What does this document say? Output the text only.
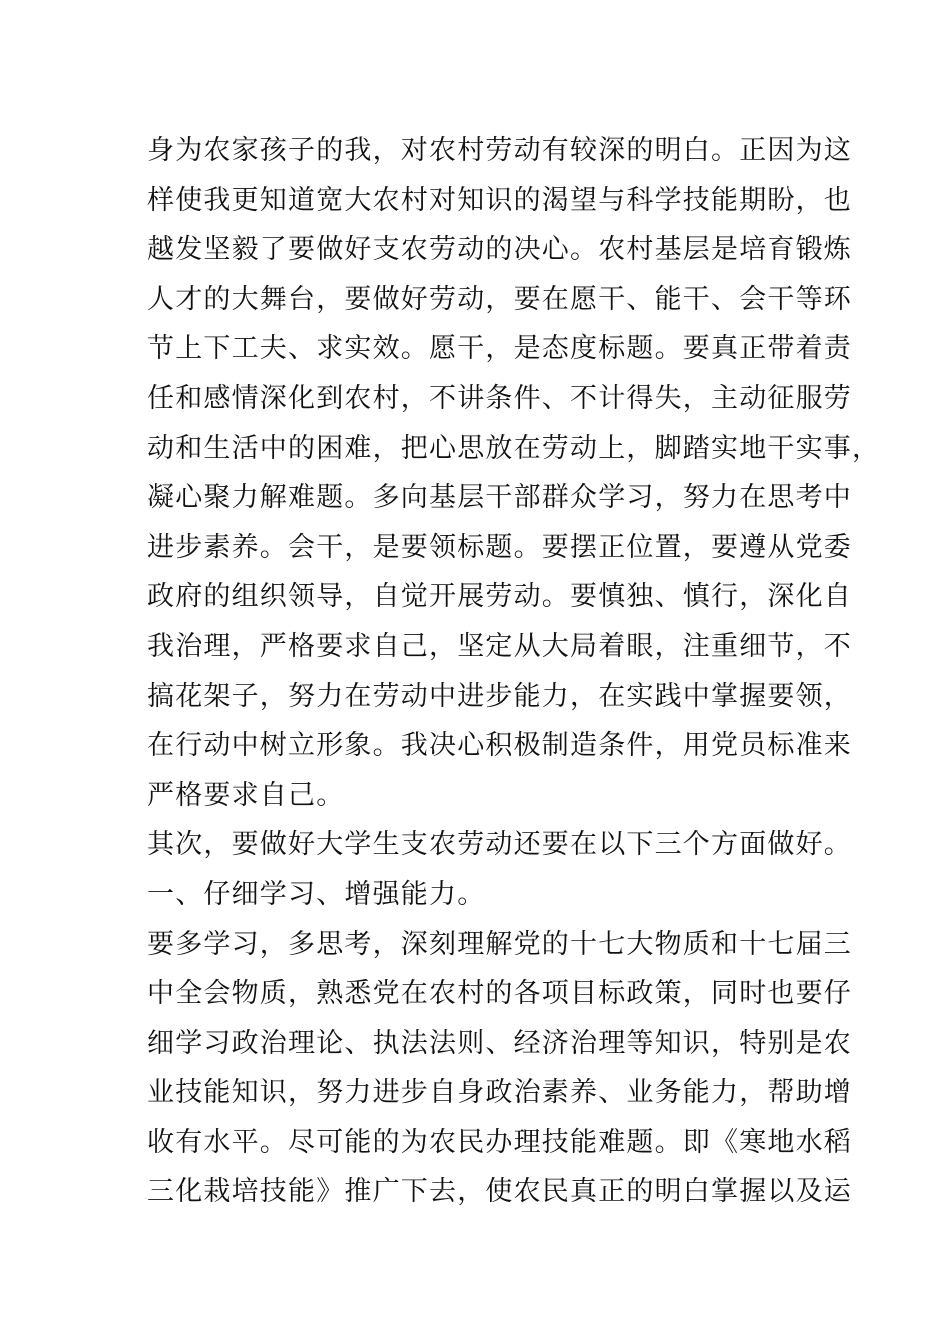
身为农家孩子的我，对农村劳动有较深的明白。正因为这
样使我更知道宽大农村对知识的渴望与科学技能期盼，也
越发坚毅了要做好支农劳动的决心。农村基层是培育锻炼
人才的大舞台，要做好劳动，要在愿干、能干、会干等环
节上下工夫、求实效。愿干，是态度标题。要真正带着责
任和感情深化到农村，不讲条件、不计得失，主动征服劳
动和生活中的困难，把心思放在劳动上，脚踏实地干实事，
凝心聚力解难题。多向基层干部群众学习，努力在思考中
进步素养。会干，是要领标题。要摆正位置，要遵从党委
政府的组织领导，自觉开展劳动。要慎独、慎行，深化自
我治理，严格要求自己，坚定从大局着眼，注重细节，不
搞花架子，努力在劳动中进步能力，在实践中掌握要领，
在行动中树立形象。我决心积极制造条件，用党员标准来
严格要求自己。
其次，要做好大学生支农劳动还要在以下三个方面做好。
一、仔细学习、增强能力。
要多学习，多思考，深刻理解党的十七大物质和十七届三
中全会物质，熟悉党在农村的各项目标政策，同时也要仔
细学习政治理论、执法法则、经济治理等知识，特别是农
业技能知识，努力进步自身政治素养、业务能力，帮助增
收有水平。尽可能的为农民办理技能难题。即《寒地水稻
三化栽培技能》推广下去，使农民真正的明白掌握以及运
